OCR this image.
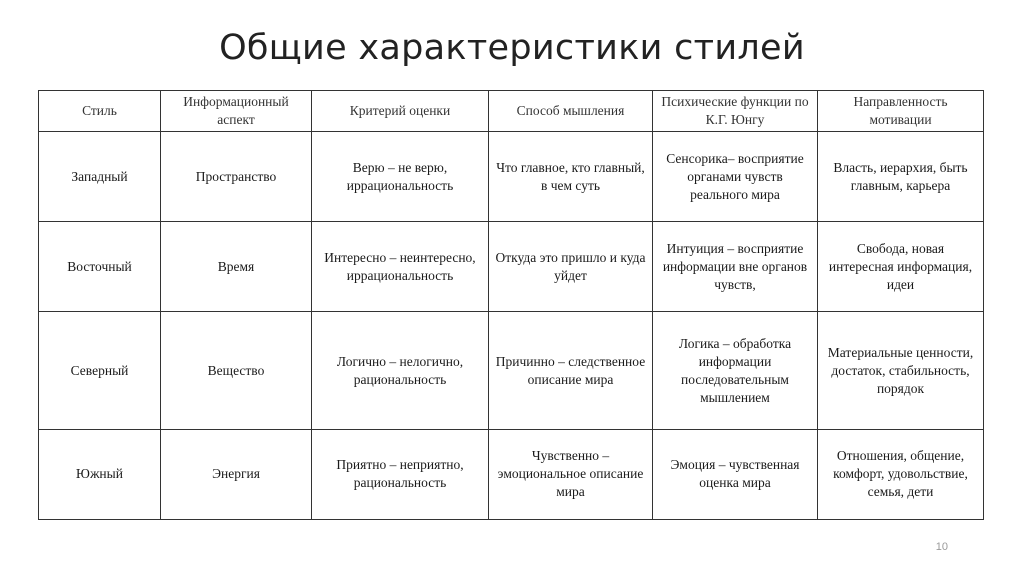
Общие характеристики стилей
Стиль	Информационный аспект	Критерий оценки	Способ мышления	Психические функции по К.Г. Юнгу	Направленность мотивации
Западный	Пространство	Верю – не верю, иррациональность	Что главное, кто главный, в чем суть	Сенсорика– восприятие органами чувств реального мира	Власть, иерархия, быть главным, карьера
Восточный	Время	Интересно – неинтересно, иррациональность	Откуда это пришло и куда уйдет	Интуиция – восприятие информации вне органов чувств,	Свобода, новая интересная информация, идеи
Северный	Вещество	Логично – нелогично, рациональность	Причинно – следственное описание мира	Логика – обработка информации последовательным мышлением	Материальные ценности, достаток, стабильность, порядок
Южный	Энергия	Приятно – неприятно, рациональность	Чувственно – эмоциональное описание мира	Эмоция – чувственная оценка мира	Отношения, общение, комфорт, удовольствие, семья, дети
10
